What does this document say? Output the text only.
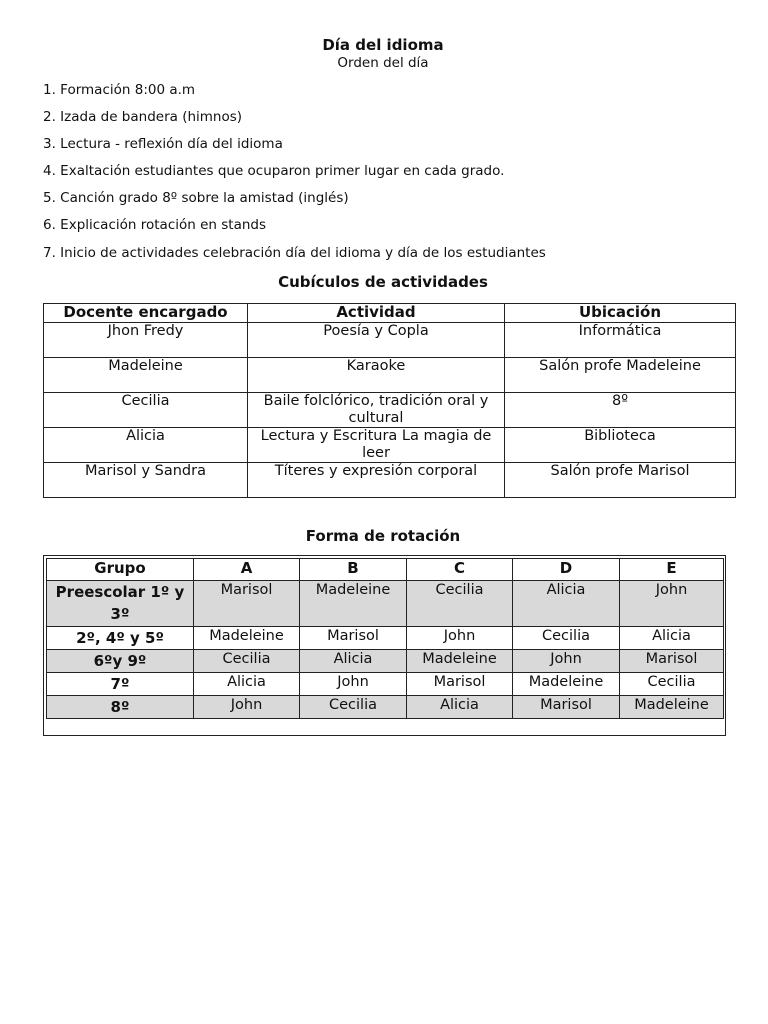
Día del idioma
Orden del día
1. Formación 8:00 a.m
2. Izada de bandera (himnos)
3. Lectura - reflexión día del idioma
4. Exaltación estudiantes que ocuparon primer lugar en cada grado.
5. Canción grado 8º sobre la amistad (inglés)
6. Explicación rotación en stands
7. Inicio de actividades celebración día del idioma y día de los estudiantes
Cubículos de actividades
Docente encargado	Actividad	Ubicación
Jhon Fredy	Poesía y Copla	Informática
Madeleine	Karaoke	Salón profe Madeleine
Cecilia	Baile folclórico, tradición oral y cultural	8º
Alicia	Lectura y Escritura La magia de leer	Biblioteca
Marisol y Sandra	Títeres y expresión corporal	Salón profe Marisol
Forma de rotación
Grupo	A	B	C	D	E
Preescolar 1º y 3º	Marisol	Madeleine	Cecilia	Alicia	John
2º, 4º y 5º	Madeleine	Marisol	John	Cecilia	Alicia
6ºy 9º	Cecilia	Alicia	Madeleine	John	Marisol
7º	Alicia	John	Marisol	Madeleine	Cecilia
8º	John	Cecilia	Alicia	Marisol	Madeleine
